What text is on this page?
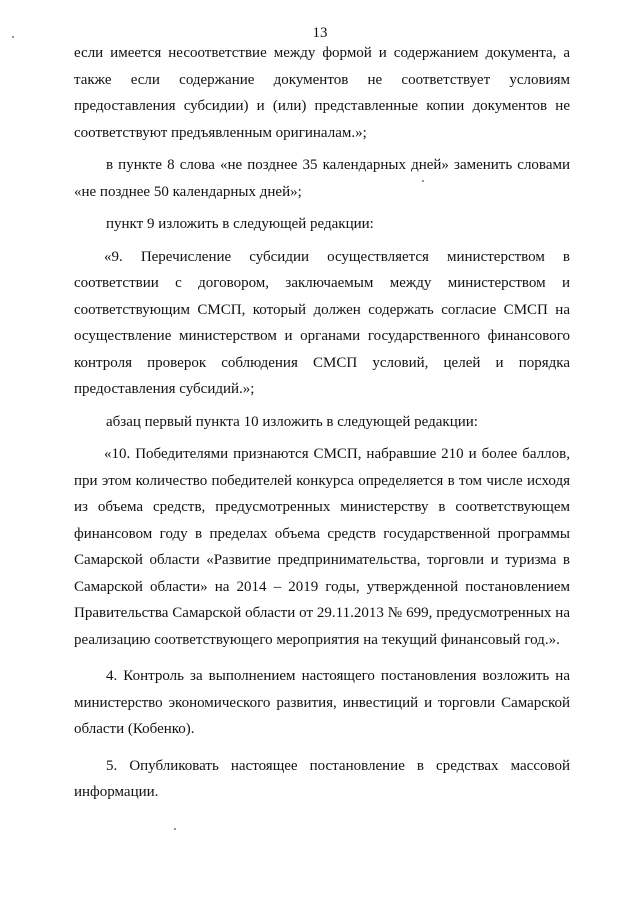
13

если имеется несоответствие между формой и содержанием документа, а также если содержание документов не соответствует условиям предоставления субсидии) и (или) представленные копии документов не соответствуют предъявленным оригиналам.»;

в пункте 8 слова «не позднее 35 календарных дней» заменить словами «не позднее 50 календарных дней»;

пункт 9 изложить в следующей редакции:

«9. Перечисление субсидии осуществляется министерством в соответствии с договором, заключаемым между министерством и соответствующим СМСП, который должен содержать согласие СМСП на осуществление министерством и органами государственного финансового контроля проверок соблюдения СМСП условий, целей и порядка предоставления субсидий.»;

абзац первый пункта 10 изложить в следующей редакции:

«10. Победителями признаются СМСП, набравшие 210 и более баллов, при этом количество победителей конкурса определяется в том числе исходя из объема средств, предусмотренных министерству в соответствующем финансовом году в пределах объема средств государственной программы Самарской области «Развитие предпринимательства, торговли и туризма в Самарской области» на 2014 – 2019 годы, утвержденной постановлением Правительства Самарской области от 29.11.2013 № 699, предусмотренных на реализацию соответствующего мероприятия на текущий финансовый год.».

4. Контроль за выполнением настоящего постановления возложить на министерство экономического развития, инвестиций и торговли Самарской области (Кобенко).

5. Опубликовать настоящее постановление в средствах массовой информации.
